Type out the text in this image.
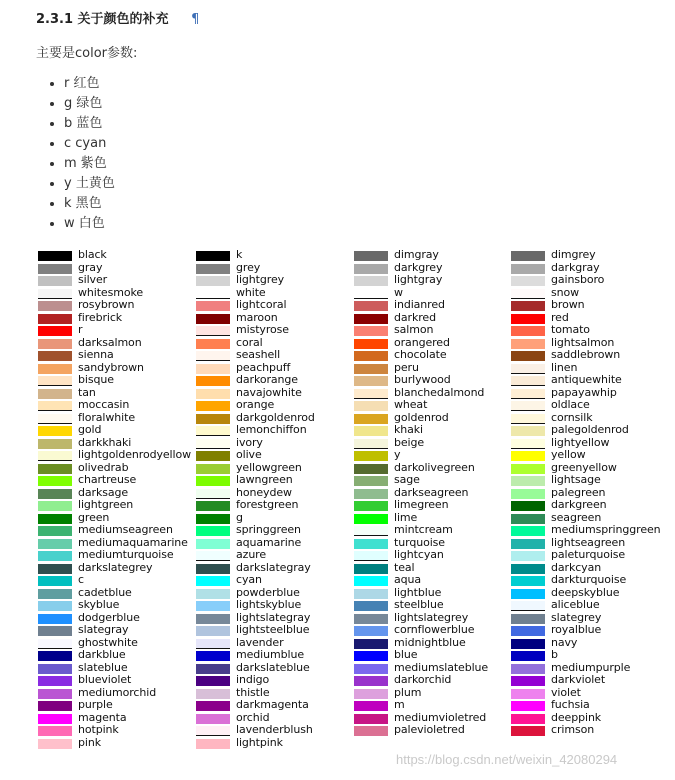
2.3.1 关于颜色的补充 ¶
主要是color参数:
• r 红色
• g 绿色
• b 蓝色
• c cyan
• m 紫色
• y 土黄色
• k 黑色
• w 白色
black
gray
silver
whitesmoke
rosybrown
firebrick
r
darksalmon
sienna
sandybrown
bisque
tan
moccasin
floralwhite
gold
darkkhaki
lightgoldenrodyellow
olivedrab
chartreuse
darksage
lightgreen
green
mediumseagreen
mediumaquamarine
mediumturquoise
darkslategrey
c
cadetblue
skyblue
dodgerblue
slategray
ghostwhite
darkblue
slateblue
blueviolet
mediumorchid
purple
magenta
hotpink
pink
k
grey
lightgrey
white
lightcoral
maroon
mistyrose
coral
seashell
peachpuff
darkorange
navajowhite
orange
darkgoldenrod
lemonchiffon
ivory
olive
yellowgreen
lawngreen
honeydew
forestgreen
g
springgreen
aquamarine
azure
darkslategray
cyan
powderblue
lightskyblue
lightslategray
lightsteelblue
lavender
mediumblue
darkslateblue
indigo
thistle
darkmagenta
orchid
lavenderblush
lightpink
dimgray
darkgrey
lightgray
w
indianred
darkred
salmon
orangered
chocolate
peru
burlywood
blanchedalmond
wheat
goldenrod
khaki
beige
y
darkolivegreen
sage
darkseagreen
limegreen
lime
mintcream
turquoise
lightcyan
teal
aqua
lightblue
steelblue
lightslategrey
cornflowerblue
midnightblue
blue
mediumslateblue
darkorchid
plum
m
mediumvioletred
palevioletred
dimgrey
darkgray
gainsboro
snow
brown
red
tomato
lightsalmon
saddlebrown
linen
antiquewhite
papayawhip
oldlace
cornsilk
palegoldenrod
lightyellow
yellow
greenyellow
lightsage
palegreen
darkgreen
seagreen
mediumspringgreen
lightseagreen
paleturquoise
darkcyan
darkturquoise
deepskyblue
aliceblue
slategrey
royalblue
navy
b
mediumpurple
darkviolet
violet
fuchsia
deeppink
crimson
https://blog.csdn.net/weixin_42080294
